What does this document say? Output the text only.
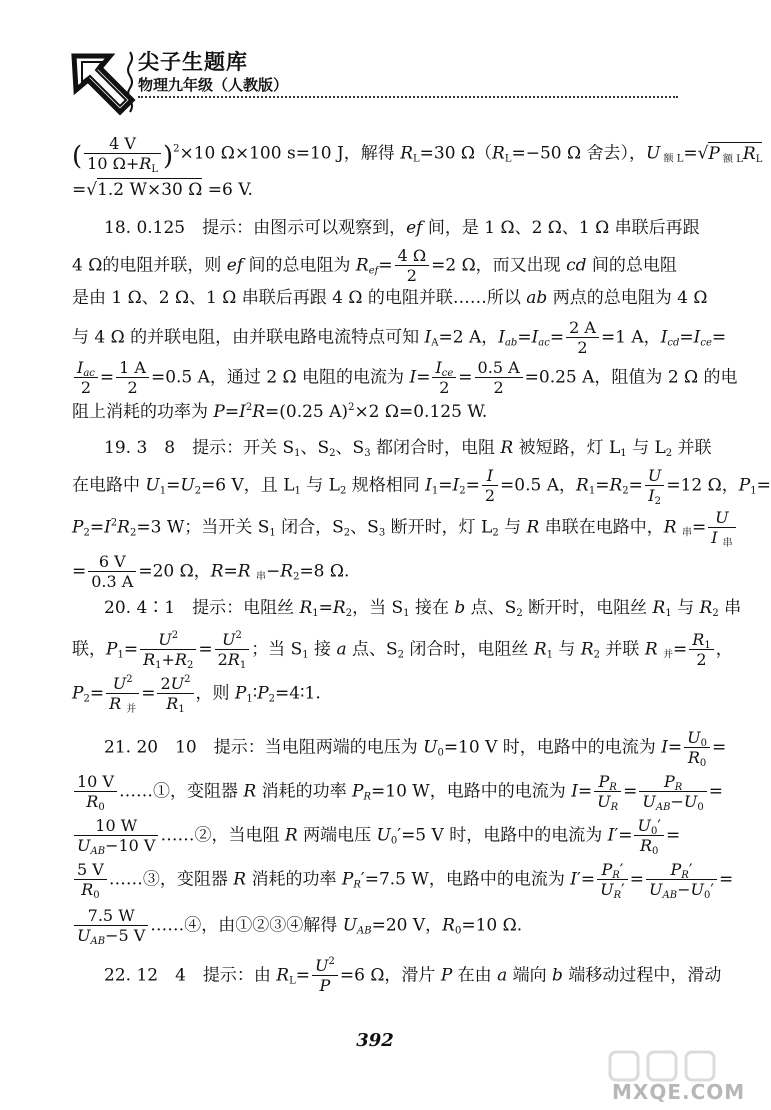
尖子生题库
物理九年级（人教版）
( $\frac{4 V}{10 \Omega+R_L} )^2\times 10$ Ω×100 s=10 J，解得 $R_L=30$ $\Omega(R_L=-50$ Ω 舍去），U $_{额 L}$=√P $_{额 L}R_L$
=√1.2 W×30 Ω =6 V.
18. 0.125　提示：由图示可以观察到，ef 间，是 1 Ω、2 Ω、1 Ω 串联后再跟
4 Ω的电阻并联，则 ef 间的总电阻为 $R_{ef}= \frac{4 \Omega}{2} =2$ Ω，而又出现 cd 间的总电阻
是由 1 Ω、2 Ω、1 Ω 串联后再跟 4 Ω 的电阻并联……所以 ab 两点的总电阻为 4 Ω
与 4 Ω 的并联电阻，由并联电路电流特点可知 $I_A=2$ A，$I_{ab}=I_{ac}= \frac{2 A}{2} =1$ A，$I_{cd}=I_{ce}=$
$I_{ac}$
$2 = \frac{1 A}{2} =0.5$ A，通过 2 Ω 电阻的电流为 $I= I_{ce}$
$2 = \frac{0.5 A}{2} =0.25$ A，阻值为 2 Ω 的电
阻上消耗的功率为 $P=I^2R=(0.25$ A)$^2$×2 Ω=0.125 W.
19. 3　8　提示：开关 $S_1$、$S_2$、$S_3$ 都闭合时，电阻 R 被短路，灯 $L_1$ 与 $L_2$ 并联
在电路中 $U_1=U_2=6$ V，且 $L_1$ 与 $L_2$ 规格相同 $I_1=I_2= \frac{I}{2} =0.5$ A，$R_1=R_2= \frac{U}{I_2} =12$ Ω，$P_1=$
$P_2=I^2R_2=3$ W；当开关 $S_1$ 闭合，$S_2$、$S_3$ 断开时，灯 $L_2$ 与 R 串联在电路中，R $_串$= U
I $_串$
= $\frac{6 V}{0.3 A} =20$ Ω，R=R $_串-R_2=8$ Ω.
20. 4∶1　提示：电阻丝 $R_1=R_2$，当 $S_1$ 接在 b 点、$S_2$ 断开时，电阻丝 $R_1$ 与 $R_2$ 串
联，$P_1= \frac{U^2}{R_1+R_2} = \frac{U^2}{2R_1}$ ；当 $S_1$ 接 a 点、$S_2$ 闭合时，电阻丝 $R_1$ 与 $R_2$ 并联 R $_并= \frac{R_1}{2}$ ，
$P_2= U^2$
R $_并$
= $\frac{2U^2}{R_1}$ ，则 $P_1∶P_2=4∶1$.
21. 20　10　提示：当电阻两端的电压为 $U_0=10$ V 时，电路中的电流为 $I= \frac{U_0}{R_0}$ =
$\frac{10 V}{R_0}$ ……①，变阻器 R 消耗的功率 $P_R=10$ W，电路中的电流为 $I= \frac{P_R}{U_R}$ =	$P_R$
$U_{AB}-U_0$
=
10 W
$U_{AB}-10$ V ……②，当电阻 R 两端电压 $U_0'=5$ V 时，电路中的电流为 $I'= \frac{U_0'}{R_0}$ =
$\frac{5 V}{R_0}$ ……③，变阻器 R 消耗的功率 $P_R'=7.5$ W，电路中的电流为 $I'= \frac{P_R'}{U_R'}$ =	$P_R'$
$U_{AB}-U_0'$ =
7.5 W
$U_{AB}-5$ V ……④，由①②③④解得 $U_{AB}=20$ V，$R_0=10$ Ω.
22. 12　4　提示：由 $R_L= \frac{U^2}{P} =6$ Ω，滑片 P 在由 a 端向 b 端移动过程中，滑动
392
MXQE.COM
